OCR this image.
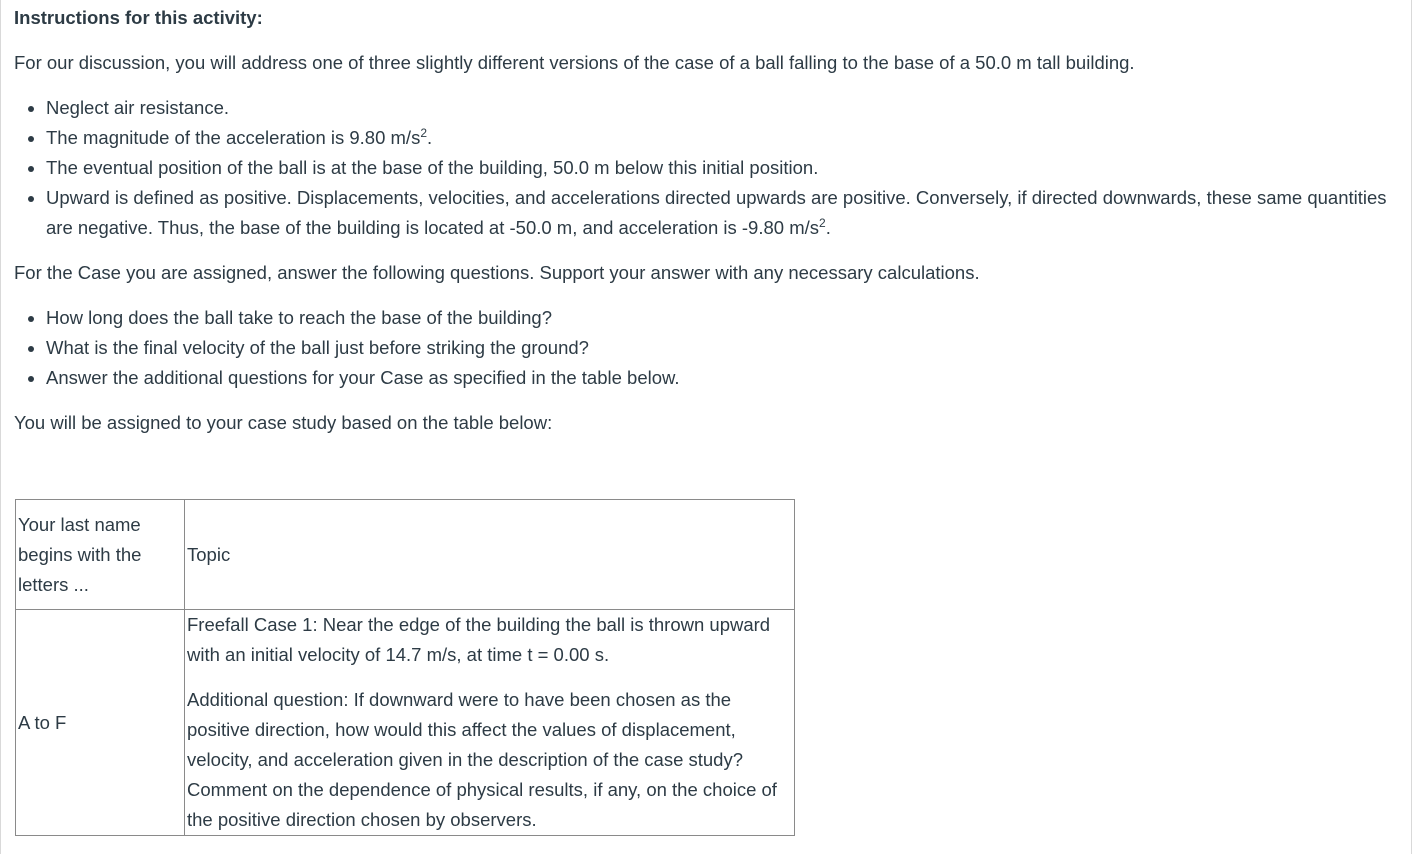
Instructions for this activity:

For our discussion, you will address one of three slightly different versions of the case of a ball falling to the base of a 50.0 m tall building.

• Neglect air resistance.
• The magnitude of the acceleration is 9.80 $m/s^2$.
• The eventual position of the ball is at the base of the building, 50.0 m below this initial position.
• Upward is defined as positive. Displacements, velocities, and accelerations directed upwards are positive. Conversely, if directed downwards, these same quantities are negative. Thus, the base of the building is located at -50.0 m, and acceleration is -9.80 $m/s^2$.

For the Case you are assigned, answer the following questions. Support your answer with any necessary calculations.

• How long does the ball take to reach the base of the building?
• What is the final velocity of the ball just before striking the ground?
• Answer the additional questions for your Case as specified in the table below.

You will be assigned to your case study based on the table below:

Your last name begins with the letters ...	Topic
A to F	Freefall Case 1: Near the edge of the building the ball is thrown upward with an initial velocity of 14.7 m/s, at time t = 0.00 s.

Additional question: If downward were to have been chosen as the positive direction, how would this affect the values of displacement, velocity, and acceleration given in the description of the case study? Comment on the dependence of physical results, if any, on the choice of the positive direction chosen by observers.
